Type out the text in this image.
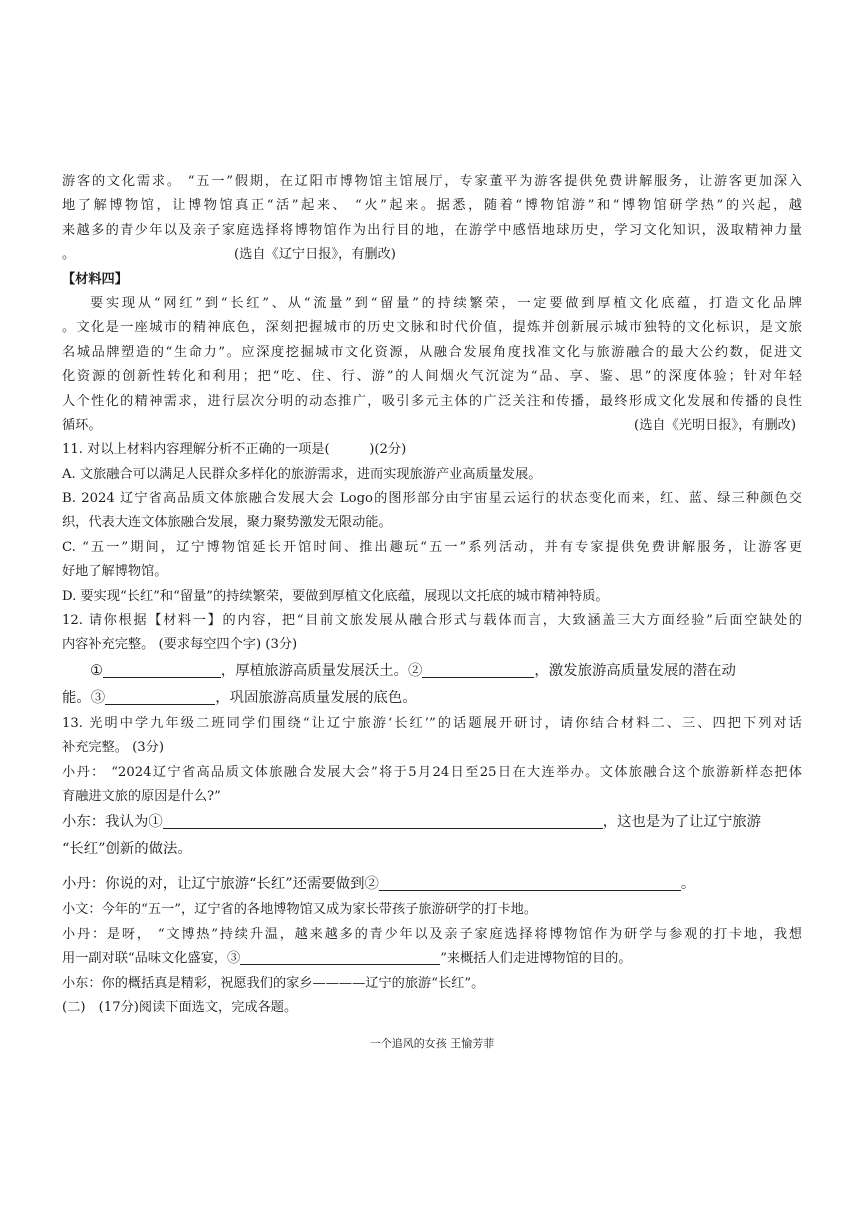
游客的文化需求。 “五一”假期，在辽阳市博物馆主馆展厅，专家董平为游客提供免费讲解服务，让游客更加深入
地了解博物馆，让博物馆真正“活”起来、 “火”起来。据悉，随着“博物馆游”和“博物馆研学热”的兴起，越
来越多的青少年以及亲子家庭选择将博物馆作为出行目的地，在游学中感悟地球历史，学习文化知识，汲取精神力量
。	(选自《辽宁日报》，有删改)
【材料四】
要实现从“网红”到“长红”、从“流量”到“留量”的持续繁荣，一定要做到厚植文化底蕴，打造文化品牌
。文化是一座城市的精神底色，深刻把握城市的历史文脉和时代价值，提炼并创新展示城市独特的文化标识，是文旅
名城品牌塑造的“生命力”。应深度挖掘城市文化资源，从融合发展角度找准文化与旅游融合的最大公约数，促进文
化资源的创新性转化和利用；把“吃、住、行、游”的人间烟火气沉淀为“品、享、鉴、思”的深度体验；针对年轻
人个性化的精神需求，进行层次分明的动态推广，吸引多元主体的广泛关注和传播，最终形成文化发展和传播的良性
循环。	(选自《光明日报》，有删改)
11. 对以上材料内容理解分析不正确的一项是(　　　)(2分)
A. 文旅融合可以满足人民群众多样化的旅游需求，进而实现旅游产业高质量发展。
B. 2024 辽宁省高品质文体旅融合发展大会 Logo的图形部分由宇宙星云运行的状态变化而来，红、蓝、绿三种颜色交
织，代表大连文体旅融合发展，聚力聚势激发无限动能。
C. “五一”期间，辽宁博物馆延长开馆时间、推出趣玩“五一”系列活动，并有专家提供免费讲解服务，让游客更
好地了解博物馆。
D. 要实现“长红”和“留量”的持续繁荣，要做到厚植文化底蕴，展现以文托底的城市精神特质。
12. 请你根据【材料一】的内容，把“目前文旅发展从融合形式与载体而言，大致涵盖三大方面经验”后面空缺处的
内容补充完整。 (要求每空四个字) (3分)
①	，厚植旅游高质量发展沃土。②	，激发旅游高质量发展的潜在动
能。③	，巩固旅游高质量发展的底色。
13. 光明中学九年级二班同学们围绕“让辽宁旅游‘长红’”的话题展开研讨，请你结合材料二、三、四把下列对话
补充完整。 (3分)
小丹： “2024辽宁省高品质文体旅融合发展大会”将于5月24日至25日在大连举办。文体旅融合这个旅游新样态把体
育融进文旅的原因是什么?”
小东：我认为①	，这也是为了让辽宁旅游
“长红”创新的做法。
小丹：你说的对，让辽宁旅游“长红”还需要做到②	。
小文：今年的“五一”，辽宁省的各地博物馆又成为家长带孩子旅游研学的打卡地。
小丹：是呀， “文博热”持续升温，越来越多的青少年以及亲子家庭选择将博物馆作为研学与参观的打卡地，我想
用一副对联“品味文化盛宴，③	”来概括人们走进博物馆的目的。
小东：你的概括真是精彩，祝愿我们的家乡————辽宁的旅游“长红”。
(二)　(17分)阅读下面选文，完成各题。
一个追风的女孩 王愉芳菲
